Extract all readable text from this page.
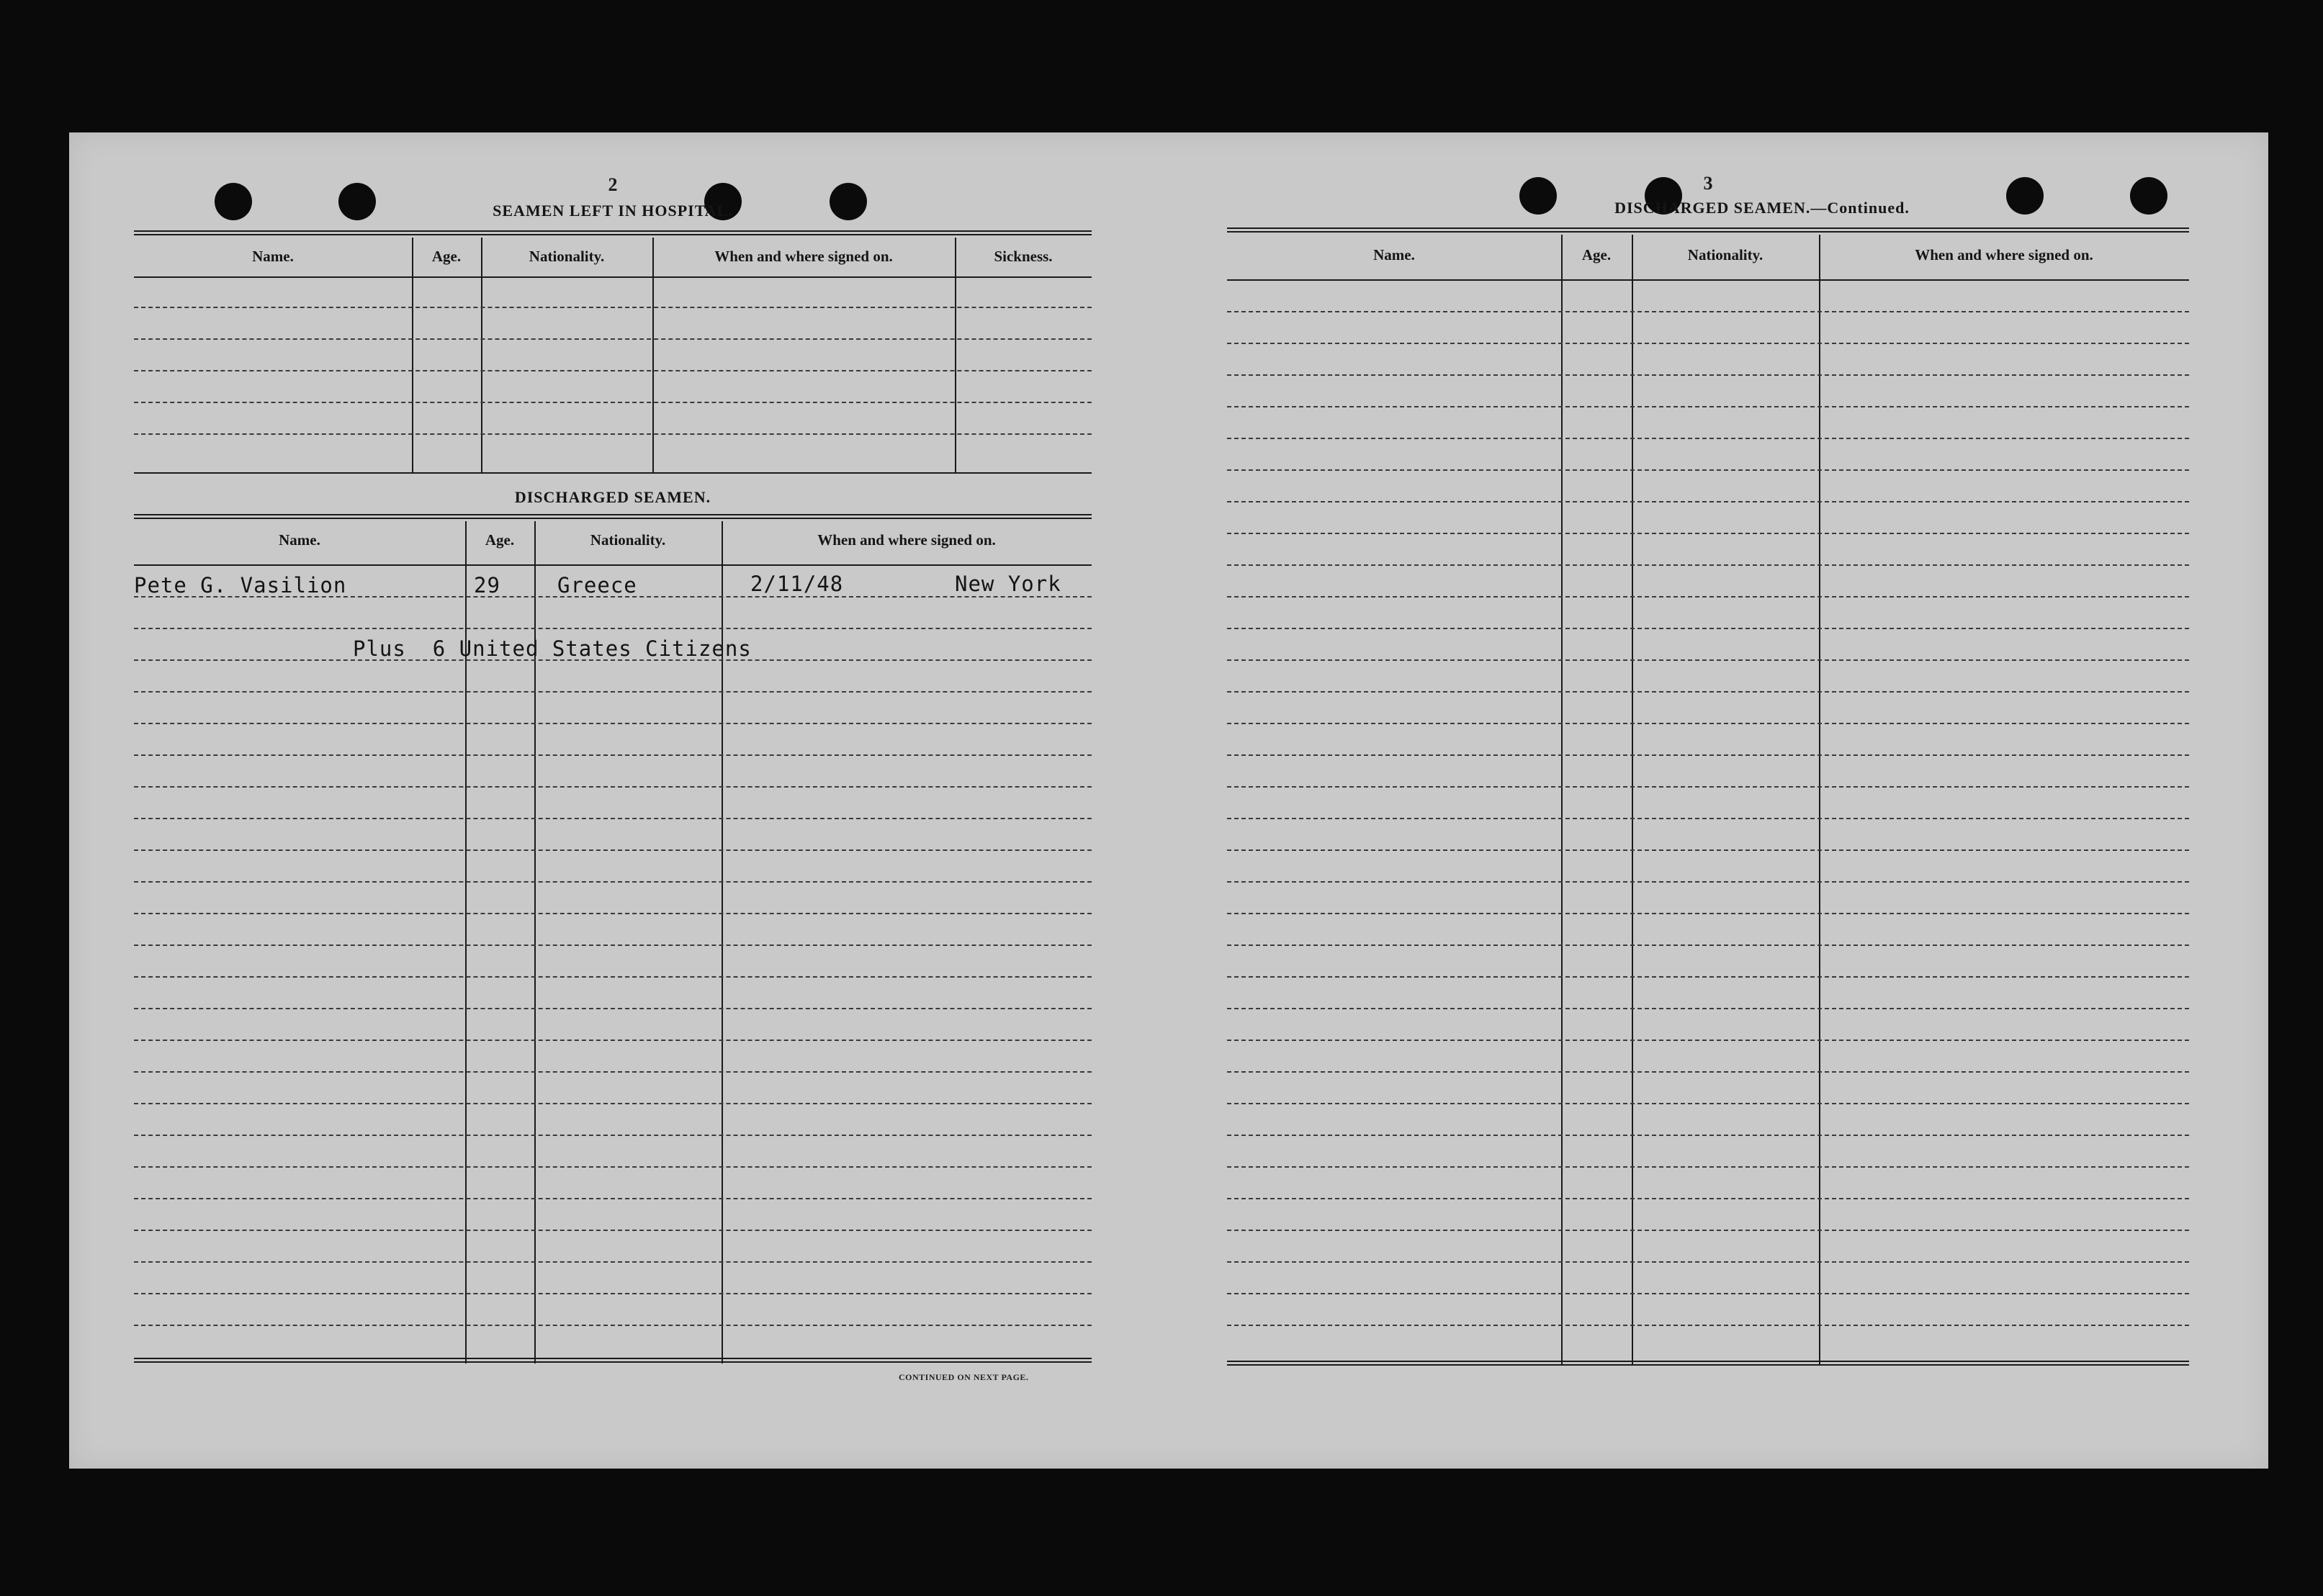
2
SEAMEN LEFT IN HOSPITAL.
Name.	Age.	Nationality.	When and where signed on.	Sickness.
DISCHARGED SEAMEN.
Name.	Age.	Nationality.	When and where signed on.
Pete G. Vasilion	29	Greece	2/11/48	New York
Plus  6 United States Citizens
CONTINUED ON NEXT PAGE.
3
DISCHARGED SEAMEN.—Continued.
Name.	Age.	Nationality.	When and where signed on.
